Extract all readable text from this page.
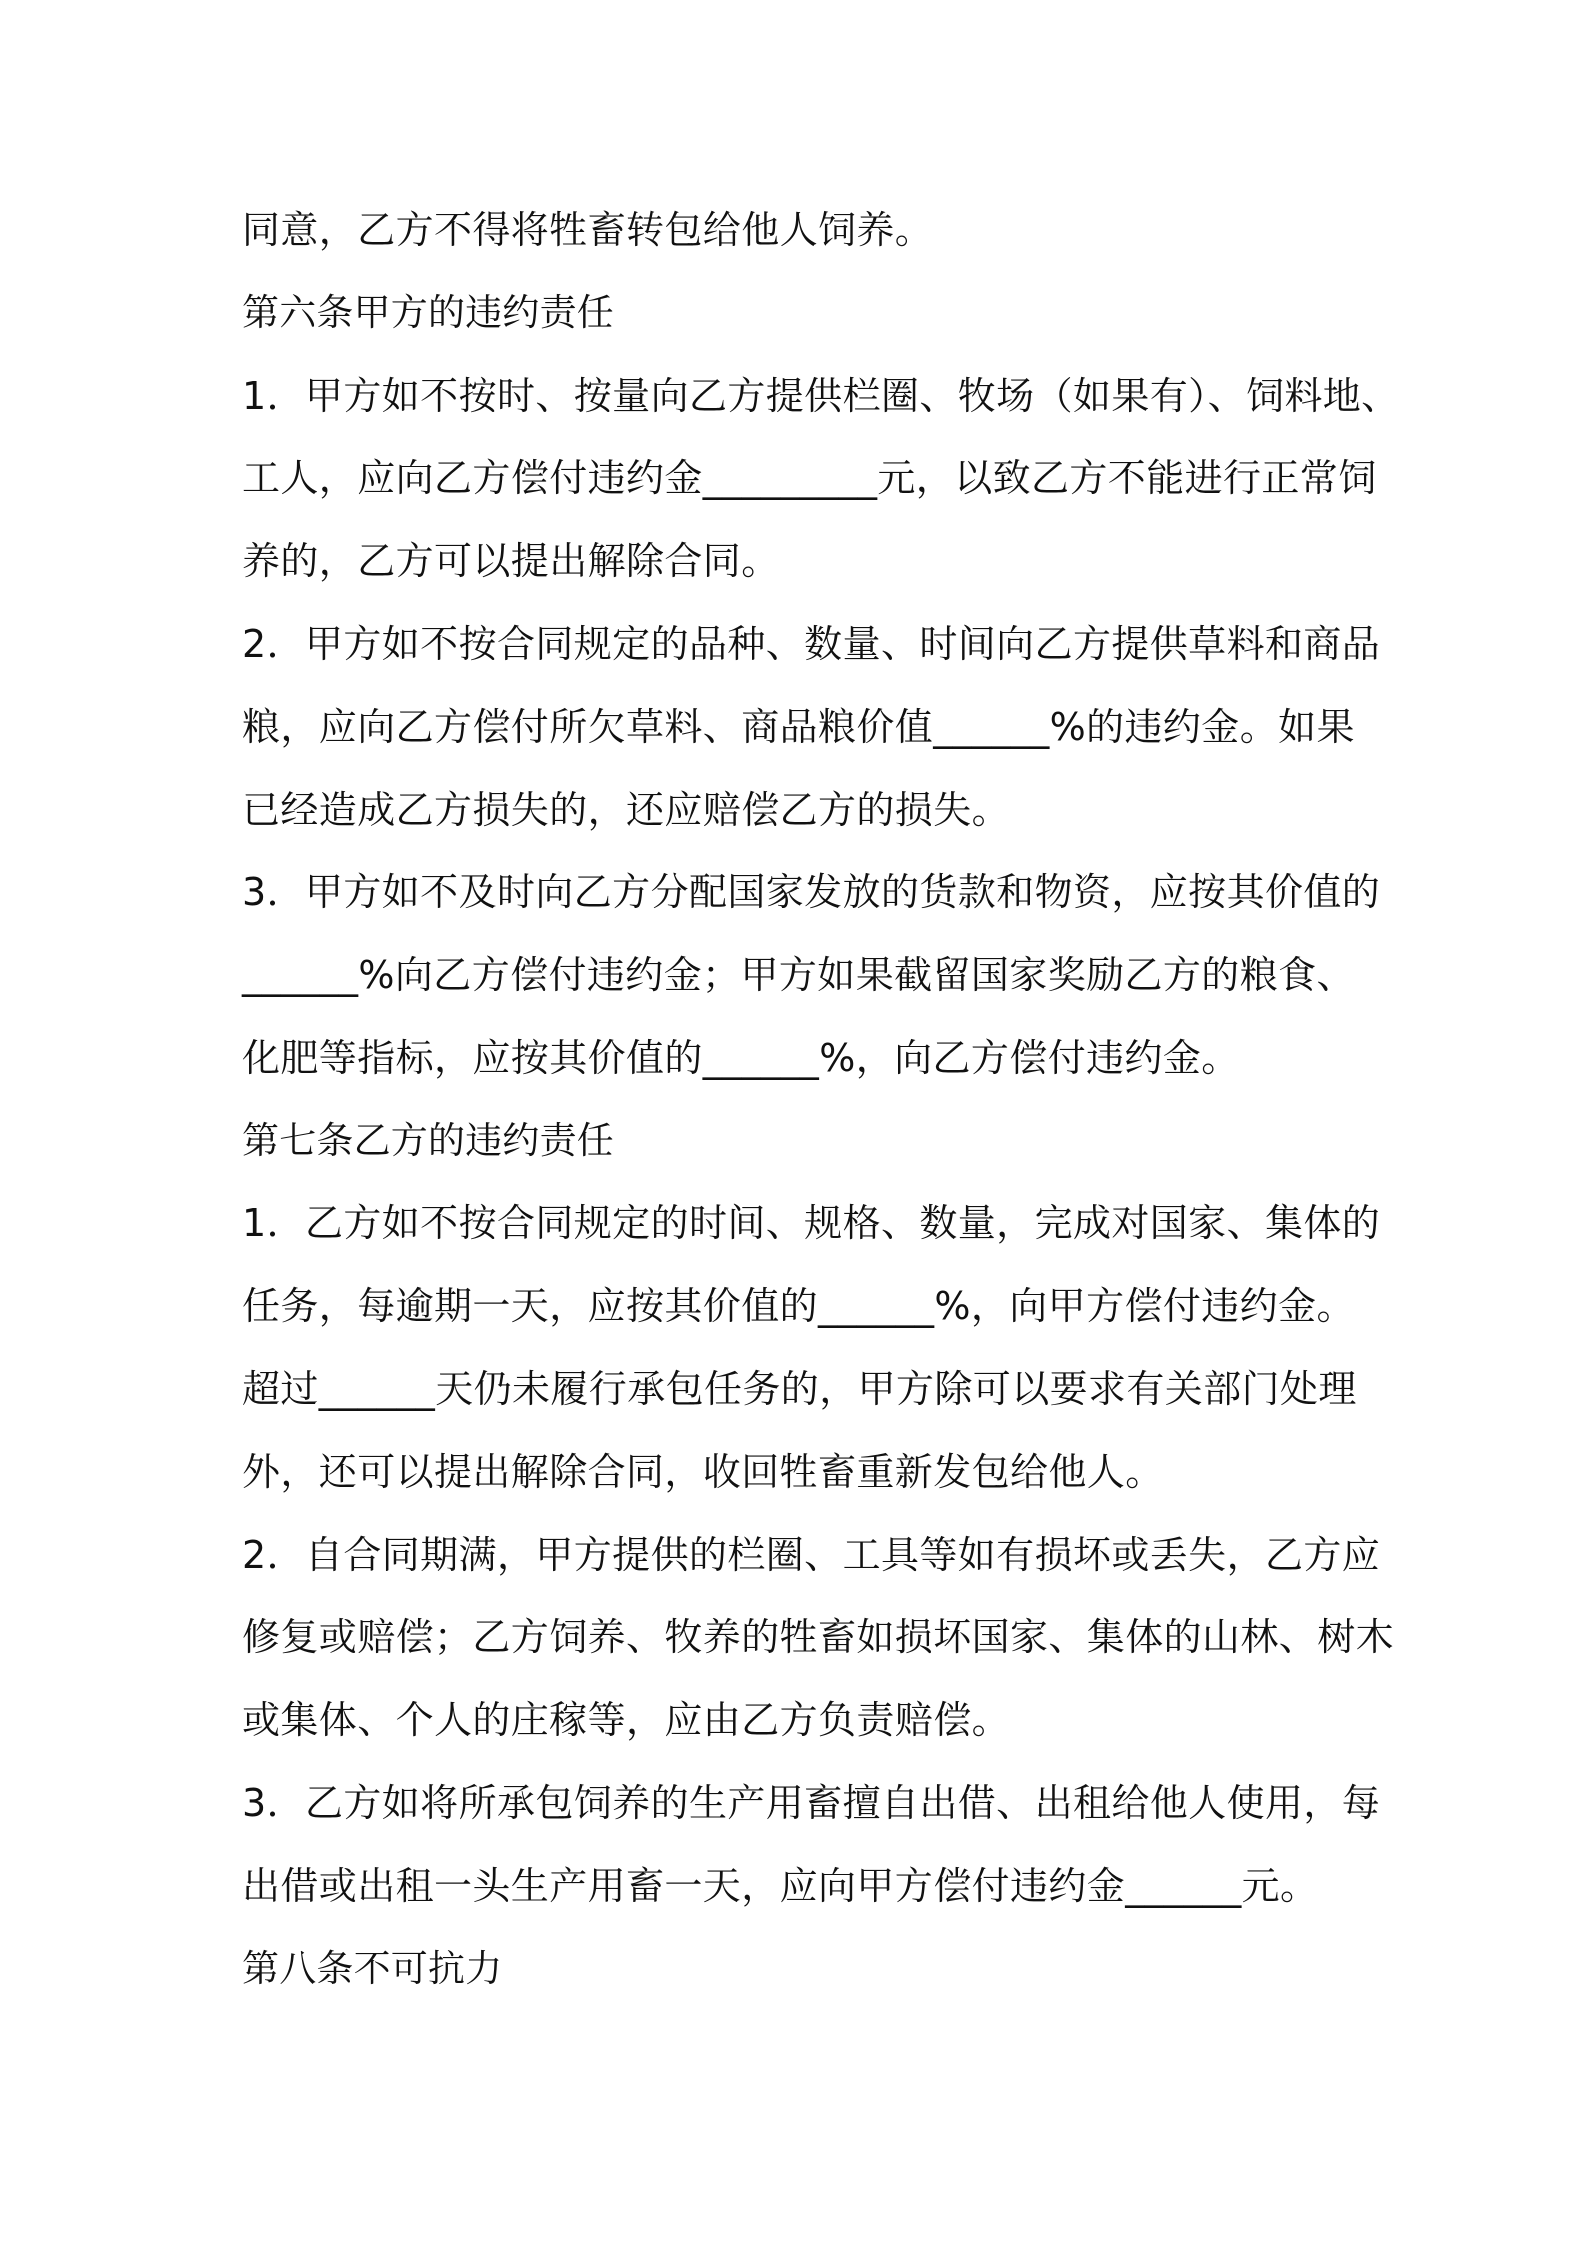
同意，乙方不得将牲畜转包给他人饲养。
第六条甲方的违约责任
1．甲方如不按时、按量向乙方提供栏圈、牧场（如果有）、饲料地、
工人，应向乙方偿付违约金_________元，以致乙方不能进行正常饲
养的，乙方可以提出解除合同。
2．甲方如不按合同规定的品种、数量、时间向乙方提供草料和商品
粮，应向乙方偿付所欠草料、商品粮价值______%的违约金。如果
已经造成乙方损失的，还应赔偿乙方的损失。
3．甲方如不及时向乙方分配国家发放的货款和物资，应按其价值的
______%向乙方偿付违约金；甲方如果截留国家奖励乙方的粮食、
化肥等指标，应按其价值的______%，向乙方偿付违约金。
第七条乙方的违约责任
1．乙方如不按合同规定的时间、规格、数量，完成对国家、集体的
任务，每逾期一天，应按其价值的______%，向甲方偿付违约金。
超过______天仍未履行承包任务的，甲方除可以要求有关部门处理
外，还可以提出解除合同，收回牲畜重新发包给他人。
2．自合同期满，甲方提供的栏圈、工具等如有损坏或丢失，乙方应
修复或赔偿；乙方饲养、牧养的牲畜如损坏国家、集体的山林、树木
或集体、个人的庄稼等，应由乙方负责赔偿。
3．乙方如将所承包饲养的生产用畜擅自出借、出租给他人使用，每
出借或出租一头生产用畜一天，应向甲方偿付违约金______元。
第八条不可抗力
